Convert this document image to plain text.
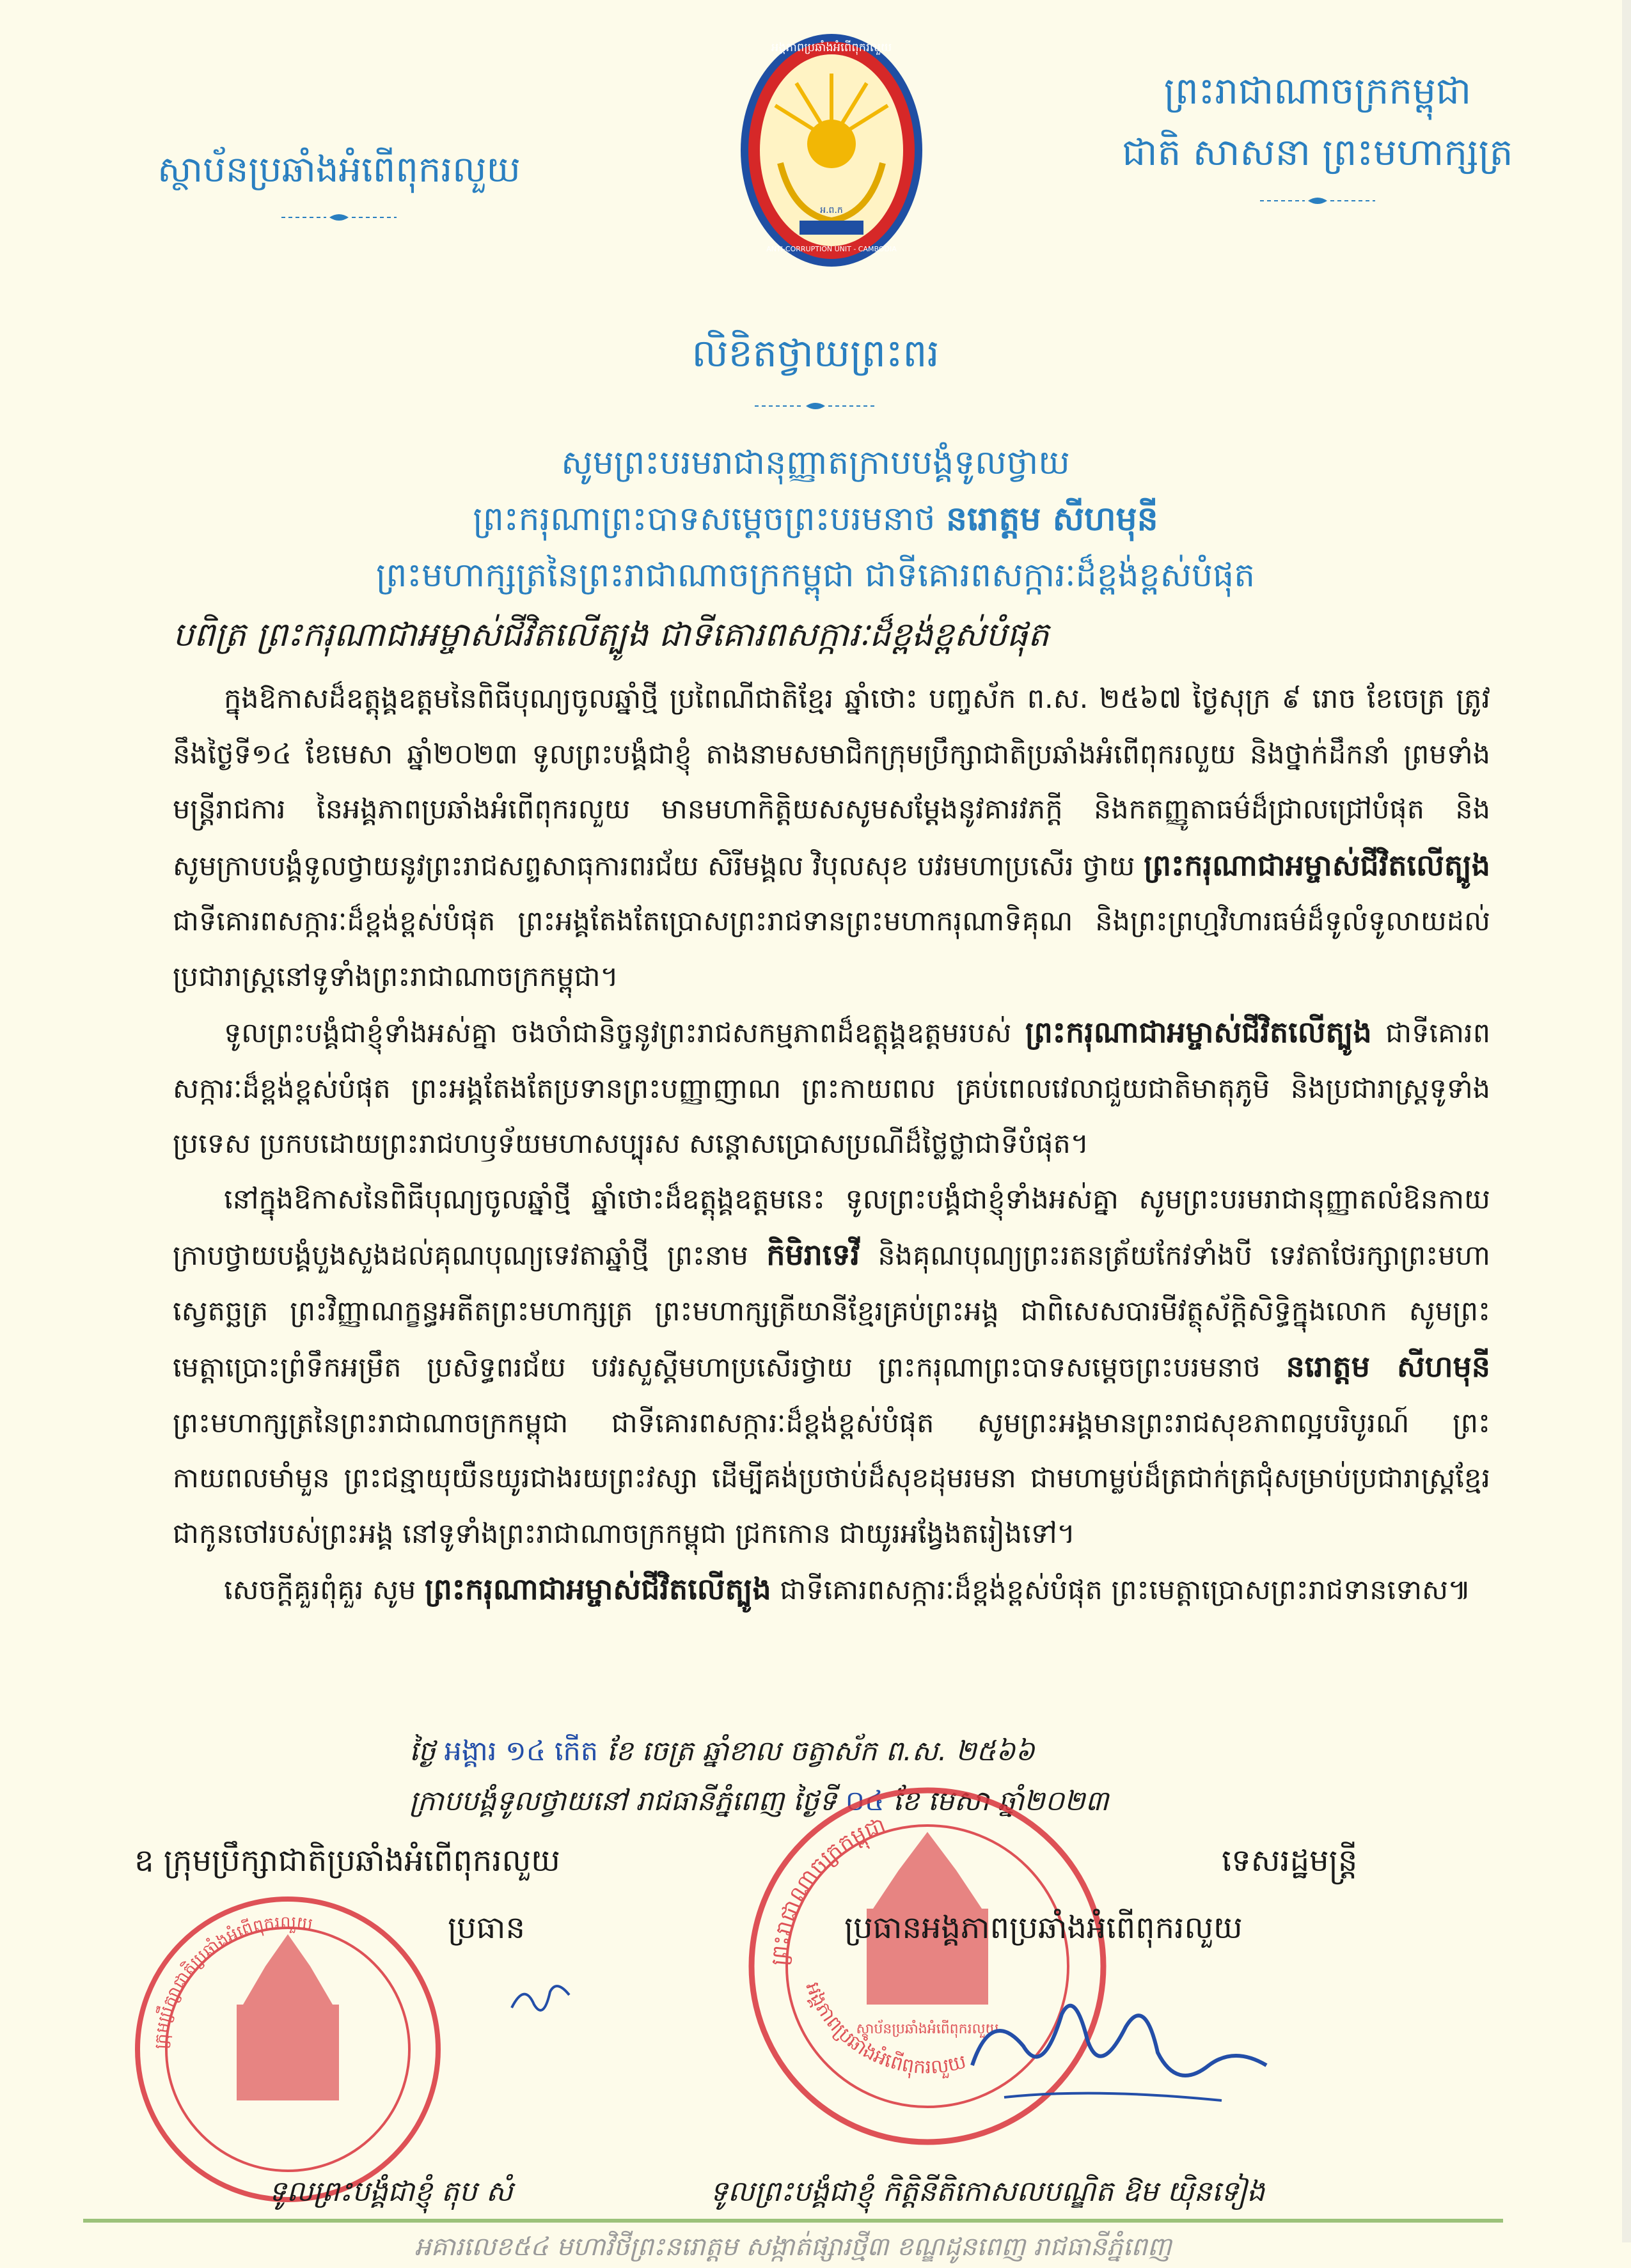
ស្ថាប័នប្រឆាំងអំពើពុករលួយ
ព្រះរាជាណាចក្រកម្ពុជា
ជាតិ សាសនា ព្រះមហាក្សត្រ
អង្គភាពប្រឆាំងអំពើពុករលួយ
អ.ព.ក
ANTI-CORRUPTION UNIT - CAMBODIA
លិខិតថ្វាយព្រះពរ
សូមព្រះបរមរាជានុញ្ញាតក្រាបបង្គំទូលថ្វាយ
ព្រះករុណាព្រះបាទសម្តេចព្រះបរមនាថ នរោត្តម សីហមុនី
ព្រះមហាក្សត្រនៃព្រះរាជាណាចក្រកម្ពុជា ជាទីគោរពសក្ការៈដ៏ខ្ពង់ខ្ពស់បំផុត
បពិត្រ ព្រះករុណាជាអម្ចាស់ជីវិតលើត្បូង ជាទីគោរពសក្ការៈដ៏ខ្ពង់ខ្ពស់បំផុត

ក្នុងឱកាសដ៏ឧត្តុង្គឧត្តមនៃពិធីបុណ្យចូលឆ្នាំថ្មី ប្រពៃណីជាតិខ្មែរ ឆ្នាំថោះ បញ្ចស័ក ព.ស. ២៥៦៧ ថ្ងៃសុក្រ ៩ រោច ខែចេត្រ ត្រូវនឹងថ្ងៃទី១៤ ខែមេសា ឆ្នាំ២០២៣ ទូលព្រះបង្គំជាខ្ញុំ តាងនាមសមាជិកក្រុមប្រឹក្សាជាតិប្រឆាំងអំពើពុករលួយ និងថ្នាក់ដឹកនាំ ព្រមទាំងមន្ត្រីរាជការ នៃអង្គភាពប្រឆាំងអំពើពុករលួយ មានមហាកិត្តិយសសូមសម្តែងនូវគារវភក្តី និងកតញ្ញូតាធម៌ដ៏ជ្រាលជ្រៅបំផុត និងសូមក្រាបបង្គំទូលថ្វាយនូវព្រះរាជសព្ទសាធុការពរជ័យ សិរីមង្គល វិបុលសុខ បវរមហាប្រសើរ ថ្វាយ ព្រះករុណាជាអម្ចាស់ជីវិតលើត្បូង ជាទីគោរពសក្ការៈដ៏ខ្ពង់ខ្ពស់បំផុត ព្រះអង្គតែងតែប្រោសព្រះរាជទានព្រះមហាករុណាទិគុណ និងព្រះព្រហ្មវិហារធម៌ដ៏ទូលំទូលាយដល់ប្រជារាស្ត្រនៅទូទាំងព្រះរាជាណាចក្រកម្ពុជា។

ទូលព្រះបង្គំជាខ្ញុំទាំងអស់គ្នា ចងចាំជានិច្ចនូវព្រះរាជសកម្មភាពដ៏ឧត្តុង្គឧត្តមរបស់ ព្រះករុណាជាអម្ចាស់ជីវិតលើត្បូង ជាទីគោរពសក្ការៈដ៏ខ្ពង់ខ្ពស់បំផុត ព្រះអង្គតែងតែប្រទានព្រះបញ្ញាញាណ ព្រះកាយពល គ្រប់ពេលវេលាជួយជាតិមាតុភូមិ និងប្រជារាស្ត្រទូទាំងប្រទេស ប្រកបដោយព្រះរាជហឫទ័យមហាសប្បុរស សន្តោសប្រោសប្រណីដ៏ថ្លៃថ្លាជាទីបំផុត។

នៅក្នុងឱកាសនៃពិធីបុណ្យចូលឆ្នាំថ្មី ឆ្នាំថោះដ៏ឧត្តុង្គឧត្តមនេះ ទូលព្រះបង្គំជាខ្ញុំទាំងអស់គ្នា សូមព្រះបរមរាជានុញ្ញាតលំឱនកាយក្រាបថ្វាយបង្គំបួងសួងដល់គុណបុណ្យទេវតាឆ្នាំថ្មី ព្រះនាម កិមិរាទេវី និងគុណបុណ្យព្រះរតនត្រ័យកែវទាំងបី ទេវតាថែរក្សាព្រះមហាស្វេតច្ឆត្រ ព្រះវិញ្ញាណក្ខន្ធអតីតព្រះមហាក្សត្រ ព្រះមហាក្សត្រីយានីខ្មែរគ្រប់ព្រះអង្គ ជាពិសេសបារមីវត្ថុស័ក្តិសិទ្ធិក្នុងលោក សូមព្រះមេត្តាប្រោះព្រំទឹកអម្រឹត ប្រសិទ្ធពរជ័យ បវរសួស្តីមហាប្រសើរថ្វាយ ព្រះករុណាព្រះបាទសម្តេចព្រះបរមនាថ នរោត្តម សីហមុនី ព្រះមហាក្សត្រនៃព្រះរាជាណាចក្រកម្ពុជា ជាទីគោរពសក្ការៈដ៏ខ្ពង់ខ្ពស់បំផុត សូមព្រះអង្គមានព្រះរាជសុខភាពល្អបរិបូរណ៍ ព្រះកាយពលមាំមួន ព្រះជន្មាយុយឺនយូរជាងរយព្រះវស្សា ដើម្បីគង់ប្រថាប់ដ៏សុខដុមរមនា ជាមហាម្លប់ដ៏ត្រជាក់ត្រជុំសម្រាប់ប្រជារាស្ត្រខ្មែរ ជាកូនចៅរបស់ព្រះអង្គ នៅទូទាំងព្រះរាជាណាចក្រកម្ពុជា ជ្រកកោន ជាយូរអង្វែងតរៀងទៅ។

សេចក្តីគួរពុំគួរ សូម ព្រះករុណាជាអម្ចាស់ជីវិតលើត្បូង ជាទីគោរពសក្ការៈដ៏ខ្ពង់ខ្ពស់បំផុត ព្រះមេត្តាប្រោសព្រះរាជទានទោស៕

ថ្ងៃ អង្គារ ១៤ កើត ខែ ចេត្រ ឆ្នាំខាល ចត្វាស័ក ព.ស. ២៥៦៦
ក្រាបបង្គំទូលថ្វាយនៅ រាជធានីភ្នំពេញ ថ្ងៃទី ០៤ ខែ មេសា ឆ្នាំ២០២៣
ក្រុមប្រឹក្សាជាតិប្រឆាំងអំពើពុករលួយ
ព្រះរាជាណាចក្រកម្ពុជា
អង្គភាពប្រឆាំងអំពើពុករលួយ
ស្ថាប័នប្រឆាំងអំពើពុករលួយ
ឧ ក្រុមប្រឹក្សាជាតិប្រឆាំងអំពើពុករលួយ
ប្រធាន
ទេសរដ្ឋមន្ត្រី
ប្រធានអង្គភាពប្រឆាំងអំពើពុករលួយ
ទូលព្រះបង្គំជាខ្ញុំ តុប សំ	ទូលព្រះបង្គំជាខ្ញុំ កិត្តិនីតិកោសលបណ្ឌិត ឱម យ៉ិនទៀង
អគារលេខ៥៤ មហាវិថីព្រះនរោត្តម សង្កាត់ផ្សារថ្មី៣ ខណ្ឌដូនពេញ រាជធានីភ្នំពេញ
